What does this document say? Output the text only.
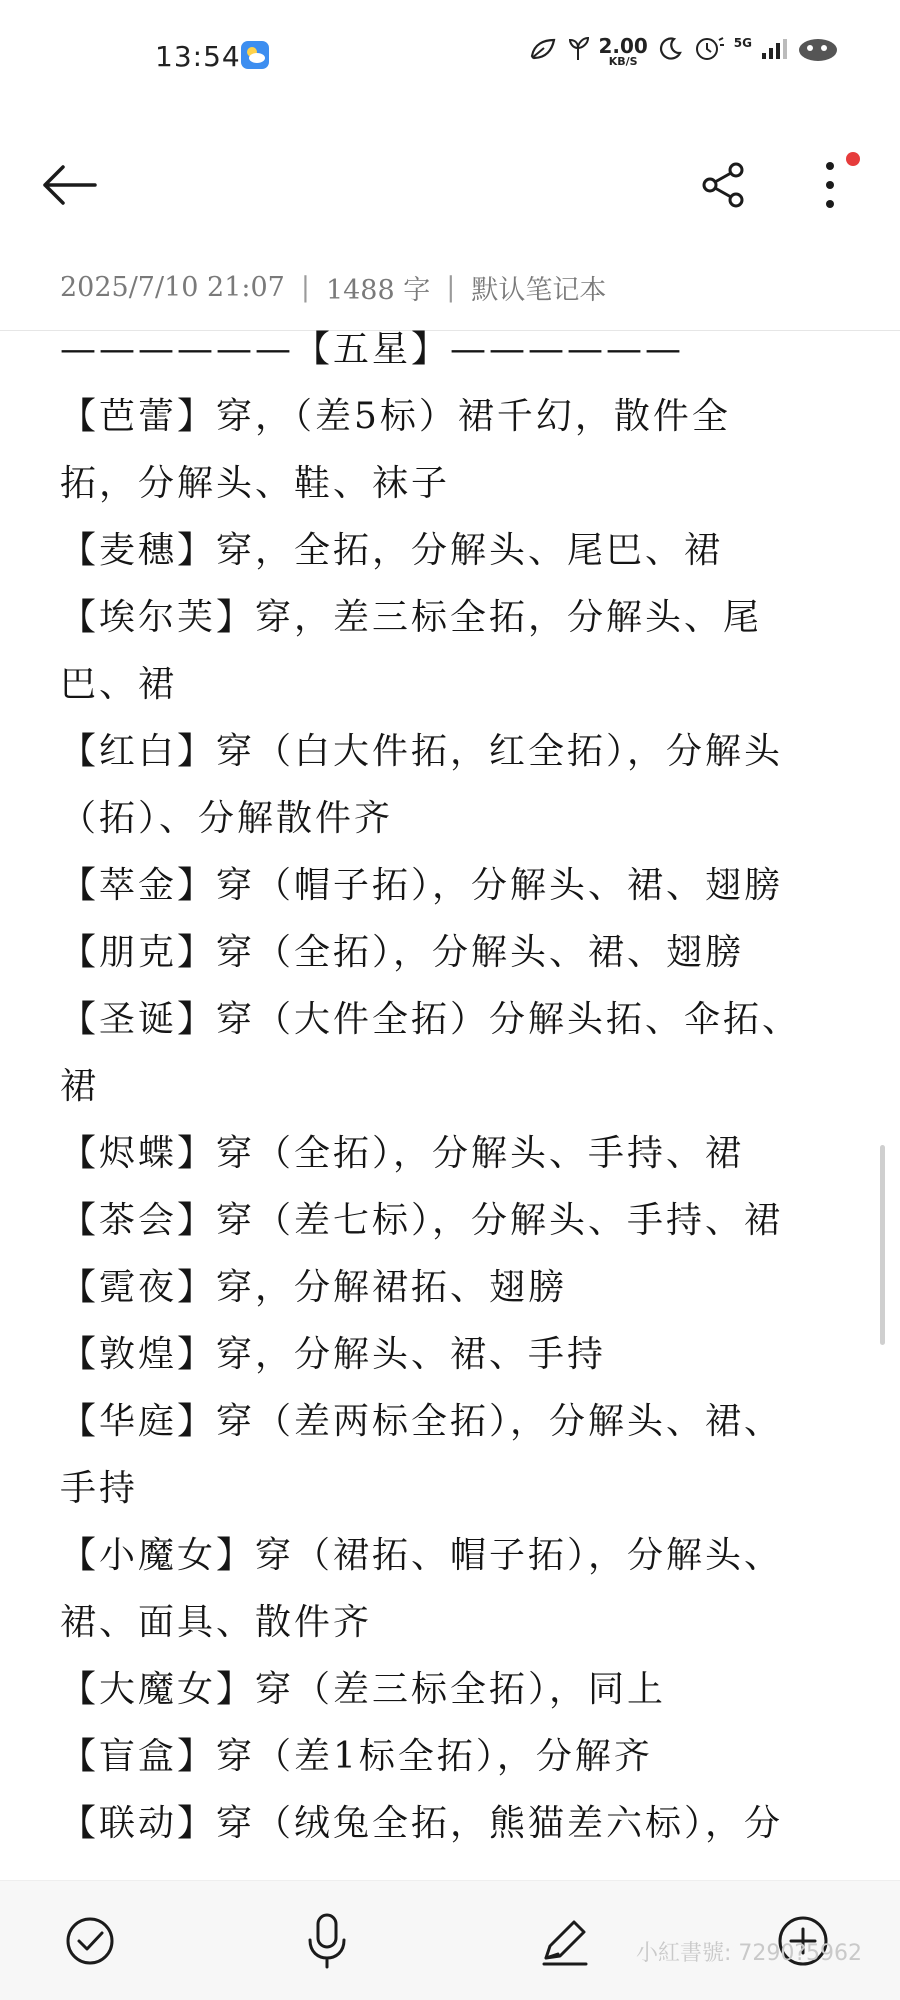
13:54	2.00
KB/S
5G
2025/7/10 21:07 | 1488 字 | 默认笔记本
——————【五星】——————
【芭蕾】穿，（差5标）裙千幻，散件全
拓，分解头、鞋、袜子
【麦穗】穿，全拓，分解头、尾巴、裙
【埃尔芙】穿，差三标全拓，分解头、尾
巴、裙
【红白】穿（白大件拓，红全拓），分解头
（拓）、分解散件齐
【萃金】穿（帽子拓），分解头、裙、翅膀
【朋克】穿（全拓），分解头、裙、翅膀
【圣诞】穿（大件全拓）分解头拓、伞拓、
裙
【烬蝶】穿（全拓），分解头、手持、裙
【茶会】穿（差七标），分解头、手持、裙
【霓夜】穿，分解裙拓、翅膀
【敦煌】穿，分解头、裙、手持
【华庭】穿（差两标全拓），分解头、裙、
手持
【小魔女】穿（裙拓、帽子拓），分解头、
裙、面具、散件齐
【大魔女】穿（差三标全拓），同上
【盲盒】穿（差1标全拓），分解齐
【联动】穿（绒兔全拓，熊猫差六标），分
小紅書號: 7290?5962
